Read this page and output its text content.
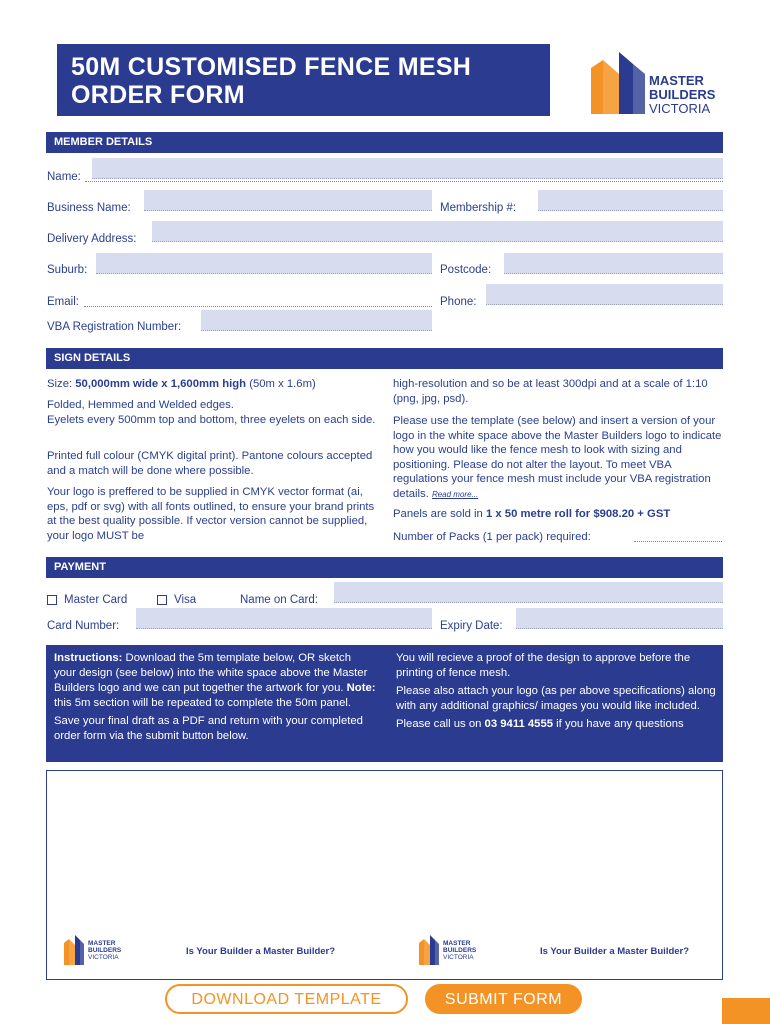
50M CUSTOMISED FENCE MESH
ORDER FORM
MASTER
BUILDERS
VICTORIA
MEMBER DETAILS
Name:
Business Name:	Membership #:
Delivery Address:
Suburb:	Postcode:
Email:	Phone:
VBA Registration Number:
SIGN DETAILS
Size: 50,000mm wide x 1,600mm high (50m x 1.6m)
Folded, Hemmed and Welded edges.
Eyelets every 500mm top and bottom, three eyelets on each side.
Printed full colour (CMYK digital print). Pantone colours accepted and a match will be done where possible.
Your logo is preffered to be supplied in CMYK vector format (ai, eps, pdf or svg) with all fonts outlined, to ensure your brand prints at the best quality possible. If vector version cannot be supplied, your logo MUST be
high-resolution and so be at least 300dpi and at a scale of 1:10 (png, jpg, psd).
Please use the template (see below) and insert a version of your logo in the white space above the Master Builders logo to indicate how you would like the fence mesh to look with sizing and positioning. Please do not alter the layout. To meet VBA regulations your fence mesh must include your VBA registration details. Read more...
Panels are sold in 1 x 50 metre roll for $908.20 + GST
Number of Packs (1 per pack) required:
PAYMENT
Master Card	Visa	Name on Card:
Card Number:	Expiry Date:
Instructions: Download the 5m template below, OR sketch your design (see below) into the white space above the Master Builders logo and we can put together the artwork for you. Note: this 5m section will be repeated to complete the 50m panel.
Save your final draft as a PDF and return with your completed order form via the submit button below.
You will recieve a proof of the design to approve before the printing of fence mesh.
Please also attach your logo (as per above specifications) along with any additional graphics/ images you would like included.
Please call us on 03 9411 4555 if you have any questions
MASTER
BUILDERS
VICTORIA
Is Your Builder a Master Builder?
MASTER
BUILDERS
VICTORIA
Is Your Builder a Master Builder?
DOWNLOAD TEMPLATE	SUBMIT FORM
